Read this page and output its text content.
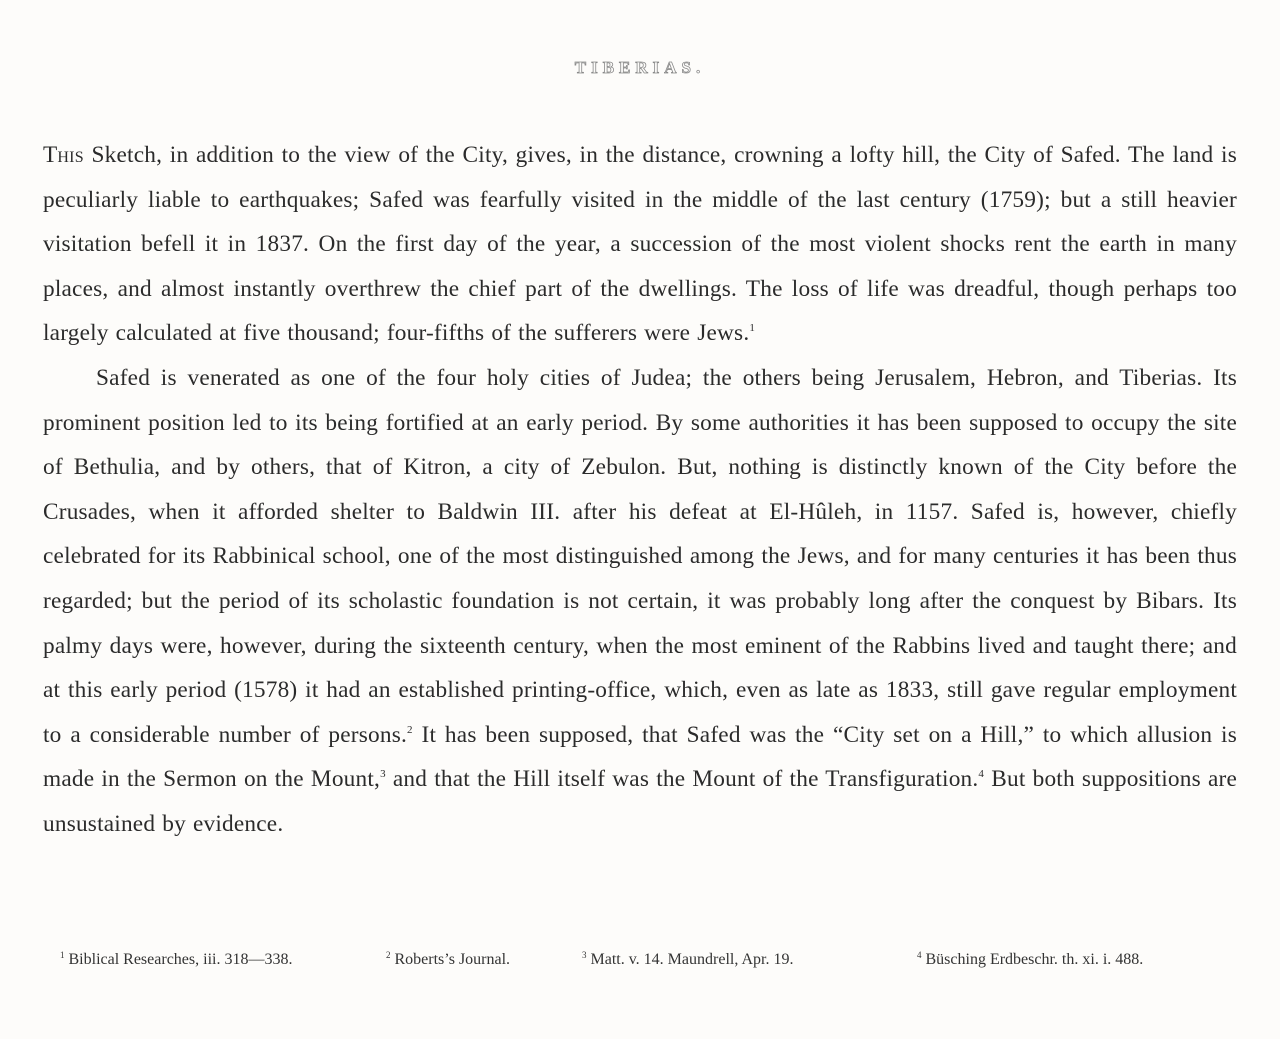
TIBERIAS.

This Sketch, in addition to the view of the City, gives, in the distance, crowning a lofty hill, the City of Safed. The land is peculiarly liable to earthquakes; Safed was fearfully visited in the middle of the last century (1759); but a still heavier visitation befell it in 1837. On the first day of the year, a succession of the most violent shocks rent the earth in many places, and almost instantly overthrew the chief part of the dwellings. The loss of life was dreadful, though perhaps too largely calculated at five thousand; four-fifths of the sufferers were Jews.$^1$

Safed is venerated as one of the four holy cities of Judea; the others being Jerusalem, Hebron, and Tiberias. Its prominent position led to its being fortified at an early period. By some authorities it has been supposed to occupy the site of Bethulia, and by others, that of Kitron, a city of Zebulon. But, nothing is distinctly known of the City before the Crusades, when it afforded shelter to Baldwin III. after his defeat at El-Hûleh, in 1157. Safed is, however, chiefly celebrated for its Rabbinical school, one of the most distinguished among the Jews, and for many centuries it has been thus regarded; but the period of its scholastic foundation is not certain, it was probably long after the conquest by Bibars. Its palmy days were, however, during the sixteenth century, when the most eminent of the Rabbins lived and taught there; and at this early period (1578) it had an established printing-office, which, even as late as 1833, still gave regular employment to a considerable number of persons.$^2$ It has been supposed, that Safed was the “City set on a Hill,” to which allusion is made in the Sermon on the Mount,$^3$ and that the Hill itself was the Mount of the Transfiguration.$^4$ But both suppositions are unsustained by evidence.

$^1$ Biblical Researches, iii. 318—338.	$^2$ Roberts’s Journal.	$^3$ Matt. v. 14. Maundrell, Apr. 19.	$^4$ Büsching Erdbeschr. th. xi. i. 488.
